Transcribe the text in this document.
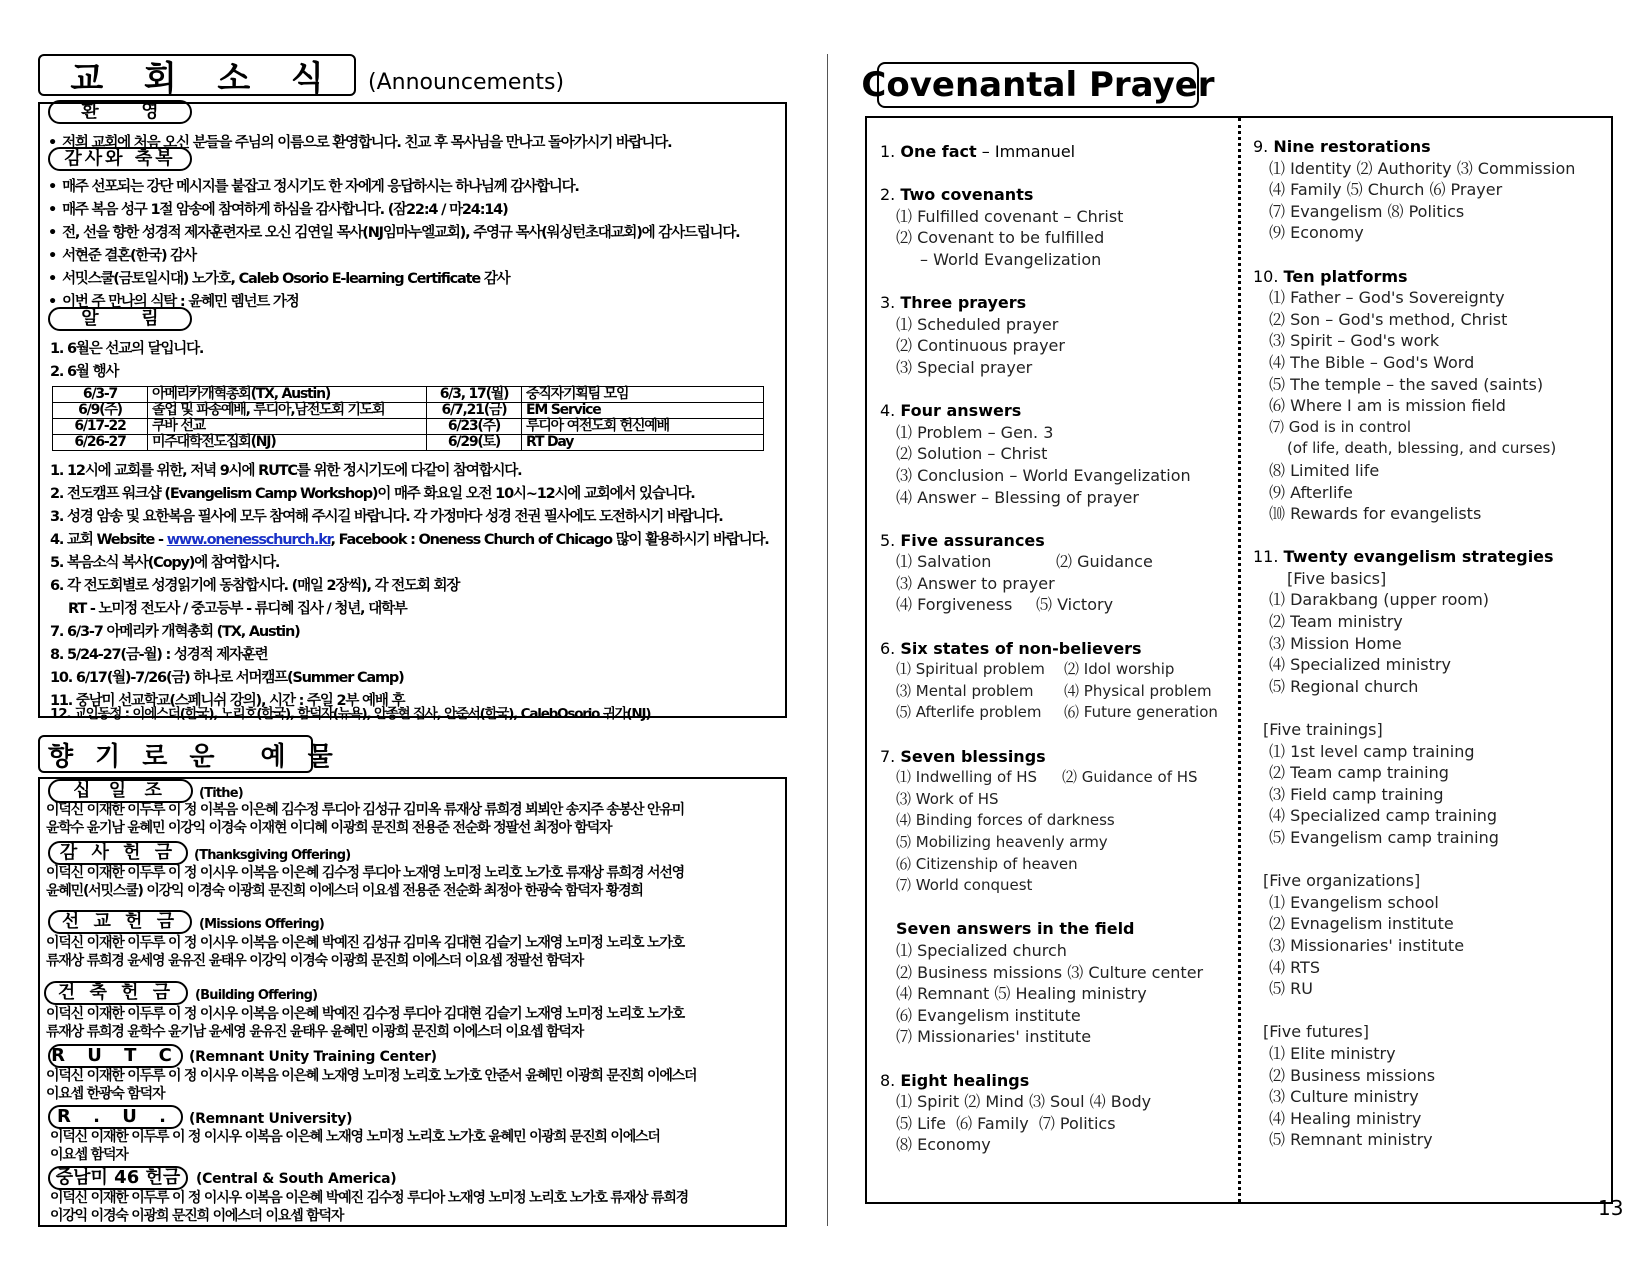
교 회 소 식 (Announcements)
환 영
• 저희 교회에 처음 오신 분들을 주님의 이름으로 환영합니다. 친교 후 목사님을 만나고 돌아가시기 바랍니다.
감사와 축복
• 매주 선포되는 강단 메시지를 붙잡고 정시기도 한 자에게 응답하시는 하나님께 감사합니다.
• 매주 복음 성구 1절 암송에 참여하게 하심을 감사합니다. (잠22:4 / 마24:14)
• 전, 선을 향한 성경적 제자훈련자로 오신 김연일 목사(NJ임마누엘교회), 주영규 목사(워싱턴초대교회)에 감사드립니다.
• 서현준 결혼(한국) 감사
• 서밋스쿨(금토일시대) 노가호, Caleb Osorio E-learning Certificate 감사
• 이번 주 만나의 식탁 : 윤혜민 렘넌트 가정
알 림
1. 6월은 선교의 달입니다.
2. 6월 행사
6/3-7	아메리카개혁총회(TX, Austin)	6/3, 17(월)	중직자기획팀 모임
6/9(주)	졸업 및 파송예배, 루디아,남전도회 기도회	6/7,21(금)	EM Service
6/17-22	쿠바 선교	6/23(주)	루디아 여전도회 헌신예배
6/26-27	미주대학전도집회(NJ)	6/29(토)	RT Day
1. 12시에 교회를 위한, 저녁 9시에 RUTC를 위한 정시기도에 다같이 참여합시다.
2. 전도캠프 워크샵 (Evangelism Camp Workshop)이 매주 화요일 오전 10시~12시에 교회에서 있습니다.
3. 성경 암송 및 요한복음 필사에 모두 참여해 주시길 바랍니다. 각 가정마다 성경 전권 필사에도 도전하시기 바랍니다.
4. 교회 Website - www.onenesschurch.kr, Facebook : Oneness Church of Chicago 많이 활용하시기 바랍니다.
5. 복음소식 복사(Copy)에 참여합시다.
6. 각 전도회별로 성경읽기에 동참합시다. (매일 2장씩), 각 전도회 회장
RT - 노미정 전도사 / 중고등부 - 류디혜 집사 / 청년, 대학부
7. 6/3-7 아메리카 개혁총회 (TX, Austin)
8. 5/24-27(금-월) : 성경적 제자훈련
10. 6/17(월)-7/26(금) 하나로 서머캠프(Summer Camp)
11. 중남미 선교학교(스페니쉬 강의), 시간 : 주일 2부 예배 후
12. 교인동정 : 이에스더(한국), 노리호(한국), 함덕자(뉴욕), 안종현 집사, 안준서(한국), CalebOsorio 귀가(NJ)
향 기 로 운 예 물
십 일 조 (Tithe)
이덕신 이재한 이두루 이 정 이복음 이은혜 김수정 루디아 김성규 김미옥 류재상 류희경 뵈뵈안 송지주 송봉산 안유미
윤학수 윤기남 윤혜민 이강익 이경숙 이재현 이디혜 이광희 문진희 전용준 전순화 정팔선 최정아 함덕자
감 사 헌 금 (Thanksgiving Offering)
이덕신 이재한 이두루 이 정 이시우 이복음 이은혜 김수정 루디아 노재영 노미정 노리호 노가호 류재상 류희경 서선영
윤혜민(서밋스쿨) 이강익 이경숙 이광희 문진희 이에스더 이요셉 전용준 전순화 최정아 한광숙 함덕자 황경희
선 교 헌 금 (Missions Offering)
이덕신 이재한 이두루 이 정 이시우 이복음 이은혜 박예진 김성규 김미옥 김대현 김슬기 노재영 노미정 노리호 노가호
류재상 류희경 윤세영 윤유진 윤태우 이강익 이경숙 이광희 문진희 이에스더 이요셉 정팔선 함덕자
건 축 헌 금 (Building Offering)
이덕신 이재한 이두루 이 정 이시우 이복음 이은혜 박예진 김수정 루디아 김대현 김슬기 노재영 노미정 노리호 노가호
류재상 류희경 윤학수 윤기남 윤세영 윤유진 윤태우 윤혜민 이광희 문진희 이에스더 이요셉 함덕자
R U T C (Remnant Unity Training Center)
이덕신 이재한 이두루 이 정 이시우 이복음 이은혜 노재영 노미정 노리호 노가호 안준서 윤혜민 이광희 문진희 이에스더
이요셉 한광숙 함덕자
R . U . (Remnant University)
이덕신 이재한 이두루 이 정 이시우 이복음 이은혜 노재영 노미정 노리호 노가호 윤혜민 이광희 문진희 이에스더
이요셉 함덕자
중남미 46 헌금 (Central & South America)
이덕신 이재한 이두루 이 정 이시우 이복음 이은혜 박예진 김수정 루디아 노재영 노미정 노리호 노가호 류재상 류희경
이강익 이경숙 이광희 문진희 이에스더 이요셉 함덕자
Covenantal Prayer
1. One fact – Immanuel
2. Two covenants
⑴ Fulfilled covenant – Christ
⑵ Covenant to be fulfilled
– World Evangelization
3. Three prayers
⑴ Scheduled prayer
⑵ Continuous prayer
⑶ Special prayer
4. Four answers
⑴ Problem – Gen. 3
⑵ Solution – Christ
⑶ Conclusion – World Evangelization
⑷ Answer – Blessing of prayer
5. Five assurances
⑴ Salvation	⑵ Guidance
⑶ Answer to prayer
⑷ Forgiveness ⑸ Victory
6. Six states of non-believers
⑴ Spiritual problem ⑵ Idol worship
⑶ Mental problem ⑷ Physical problem
⑸ Afterlife problem ⑹ Future generation
7. Seven blessings
⑴ Indwelling of HS ⑵ Guidance of HS
⑶ Work of HS
⑷ Binding forces of darkness
⑸ Mobilizing heavenly army
⑹ Citizenship of heaven
⑺ World conquest
Seven answers in the field
⑴ Specialized church
⑵ Business missions ⑶ Culture center
⑷ Remnant ⑸ Healing ministry
⑹ Evangelism institute
⑺ Missionaries' institute
8. Eight healings
⑴ Spirit ⑵ Mind ⑶ Soul ⑷ Body
⑸ Life  ⑹ Family  ⑺ Politics
⑻ Economy
9. Nine restorations
⑴ Identity ⑵ Authority ⑶ Commission
⑷ Family ⑸ Church ⑹ Prayer
⑺ Evangelism ⑻ Politics
⑼ Economy
10. Ten platforms
⑴ Father – God's Sovereignty
⑵ Son – God's method, Christ
⑶ Spirit – God's work
⑷ The Bible – God's Word
⑸ The temple – the saved (saints)
⑹ Where I am is mission field
⑺ God is in control
(of life, death, blessing, and curses)
⑻ Limited life
⑼ Afterlife
⑽ Rewards for evangelists
11. Twenty evangelism strategies
[Five basics]
⑴ Darakbang (upper room)
⑵ Team ministry
⑶ Mission Home
⑷ Specialized ministry
⑸ Regional church
[Five trainings]
⑴ 1st level camp training
⑵ Team camp training
⑶ Field camp training
⑷ Specialized camp training
⑸ Evangelism camp training
[Five organizations]
⑴ Evangelism school
⑵ Evnagelism institute
⑶ Missionaries' institute
⑷ RTS
⑸ RU
[Five futures]
⑴ Elite ministry
⑵ Business missions
⑶ Culture ministry
⑷ Healing ministry
⑸ Remnant ministry
13
